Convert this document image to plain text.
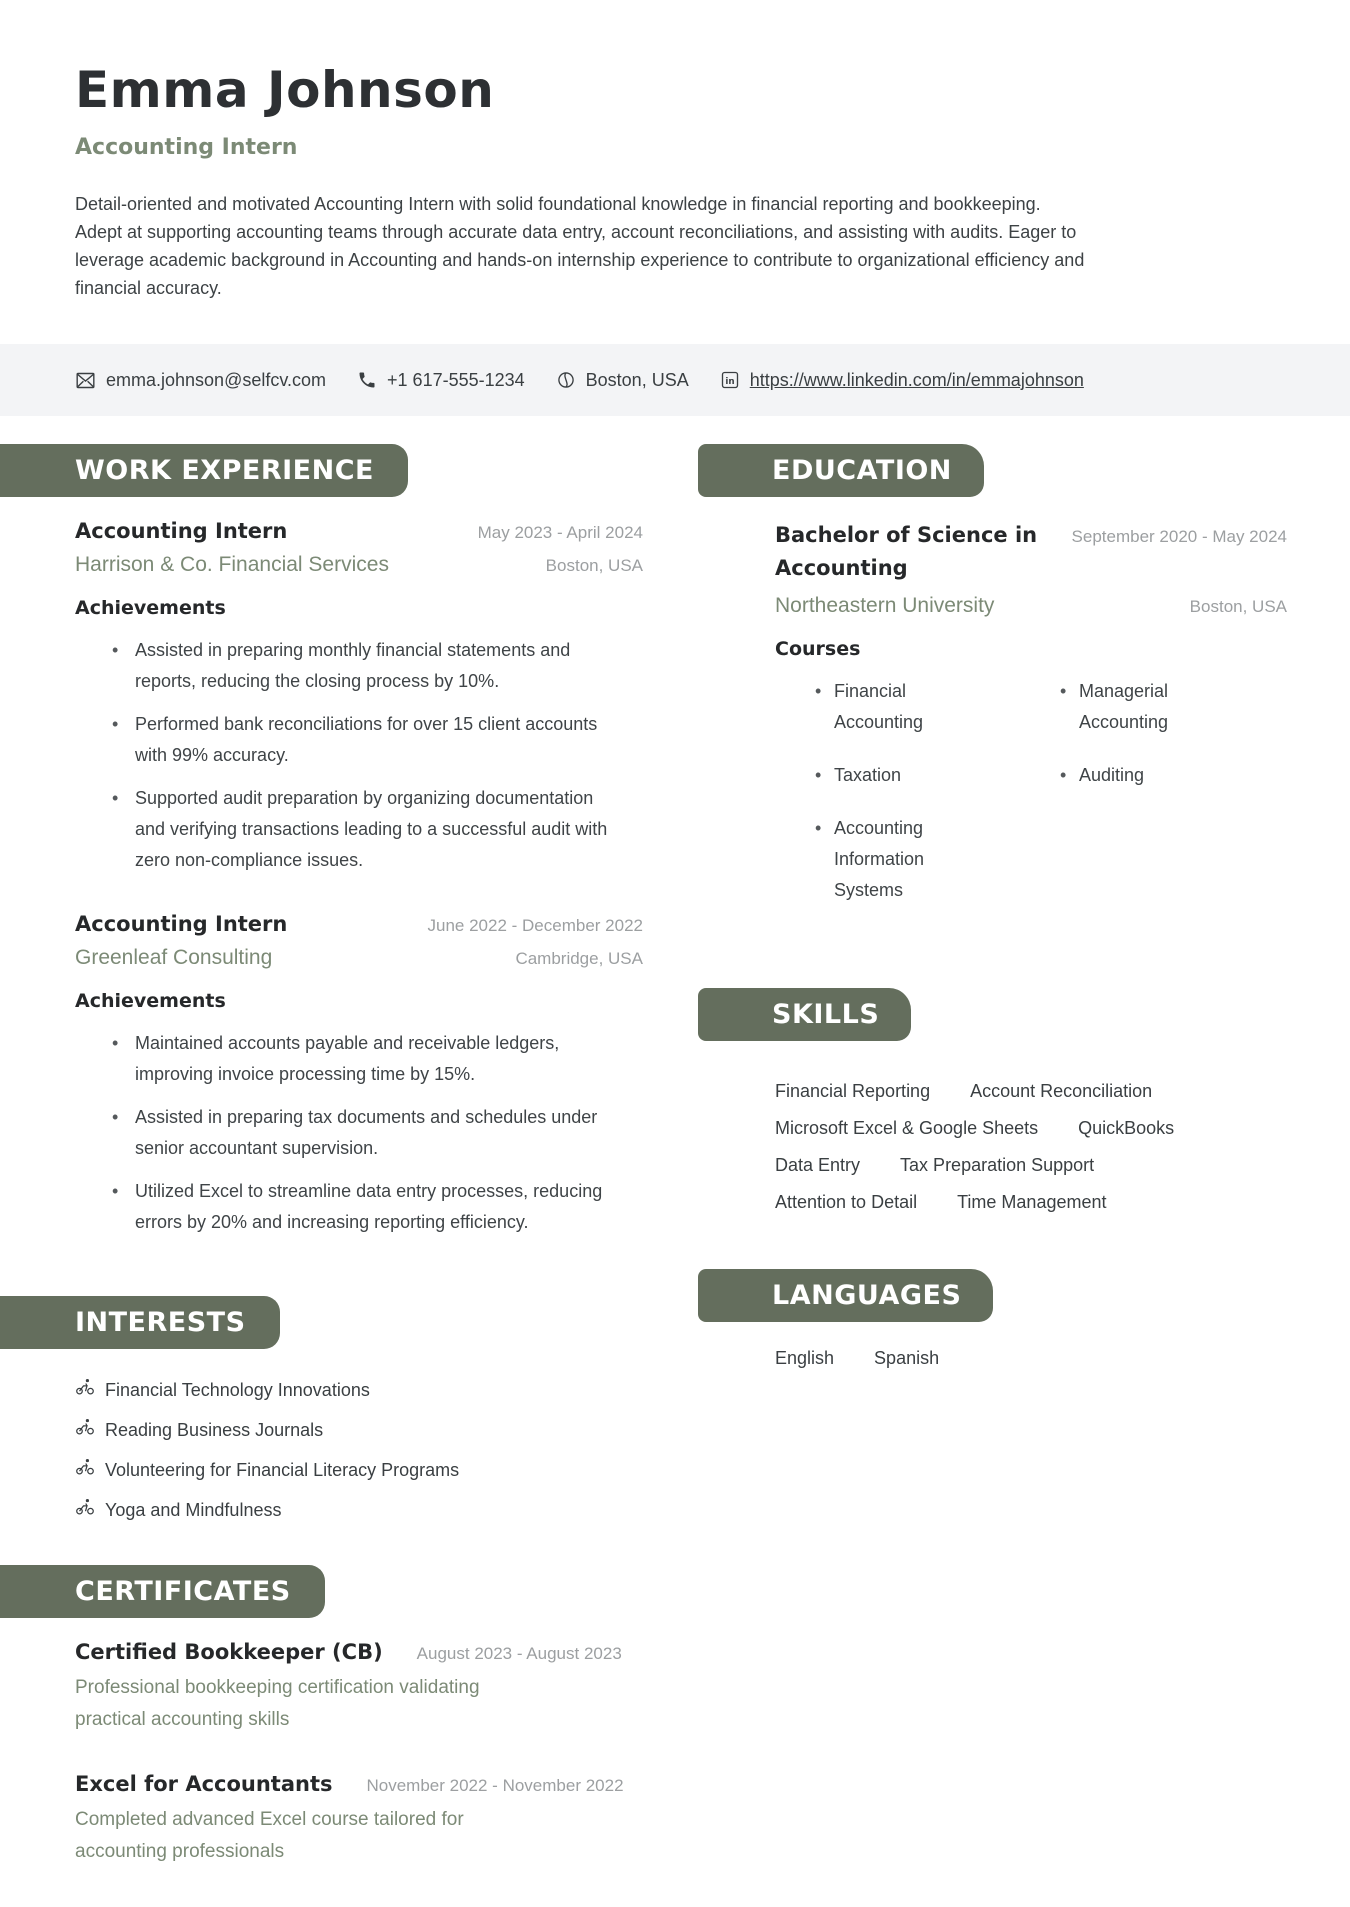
Emma Johnson
Accounting Intern

Detail-oriented and motivated Accounting Intern with solid foundational knowledge in financial reporting and bookkeeping. Adept at supporting accounting teams through accurate data entry, account reconciliations, and assisting with audits. Eager to leverage academic background in Accounting and hands-on internship experience to contribute to organizational efficiency and financial accuracy.

emma.johnson@selfcv.com	+1 617-555-1234	Boston, USA	in https://www.linkedin.com/in/emmajohnson
WORK EXPERIENCE
Accounting Intern	May 2023 - April 2024
Harrison & Co. Financial Services	Boston, USA
Achievements
• Assisted in preparing monthly financial statements and reports, reducing the closing process by 10%.
• Performed bank reconciliations for over 15 client accounts with 99% accuracy.
• Supported audit preparation by organizing documentation and verifying transactions leading to a successful audit with zero non-compliance issues.
Accounting Intern	June 2022 - December 2022
Greenleaf Consulting	Cambridge, USA
Achievements
• Maintained accounts payable and receivable ledgers, improving invoice processing time by 15%.
• Assisted in preparing tax documents and schedules under senior accountant supervision.
• Utilized Excel to streamline data entry processes, reducing errors by 20% and increasing reporting efficiency.
INTERESTS
Financial Technology Innovations
Reading Business Journals
Volunteering for Financial Literacy Programs
Yoga and Mindfulness
CERTIFICATES
Certified Bookkeeper (CB) August 2023 - August 2023

Professional bookkeeping certification validating practical accounting skills

Excel for Accountants November 2022 - November 2022

Completed advanced Excel course tailored for accounting professionals

EDUCATION
Bachelor of Science in Accounting
September 2020 - May 2024
Northeastern University	Boston, USA
Courses
• Financial Accounting
• Taxation
• Accounting Information Systems
• Managerial Accounting
• Auditing
SKILLS
Financial Reporting Account Reconciliation
Microsoft Excel & Google Sheets QuickBooks
Data Entry Tax Preparation Support
Attention to Detail Time Management
LANGUAGES
English Spanish
